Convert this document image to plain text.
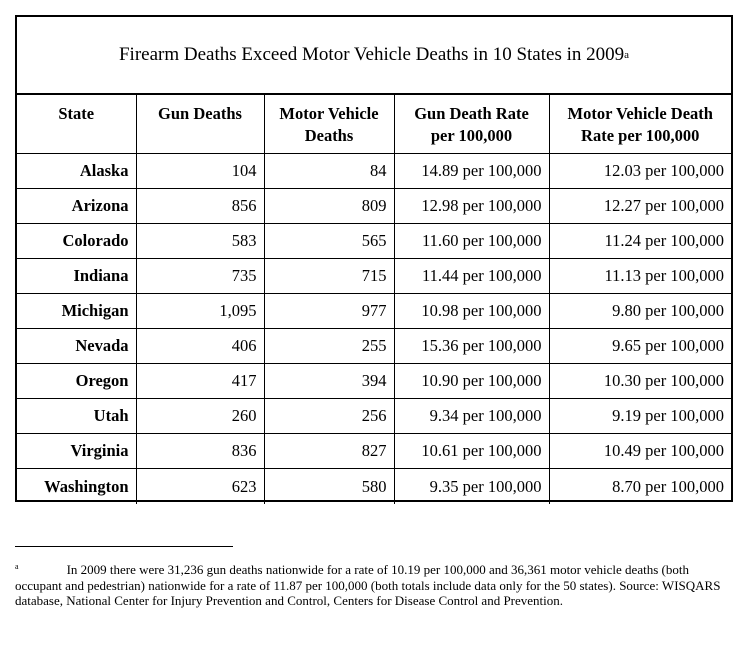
Firearm Deaths Exceed Motor Vehicle Deaths in 10 States in 2009 a
State	Gun Deaths	Motor Vehicle Deaths	Gun Death Rate per 100,000	Motor Vehicle Death Rate per 100,000
Alaska	104	84	14.89 per 100,000	12.03 per 100,000
Arizona	856	809	12.98 per 100,000	12.27 per 100,000
Colorado	583	565	11.60 per 100,000	11.24 per 100,000
Indiana	735	715	11.44 per 100,000	11.13 per 100,000
Michigan	1,095	977	10.98 per 100,000	9.80 per 100,000
Nevada	406	255	15.36 per 100,000	9.65 per 100,000
Oregon	417	394	10.90 per 100,000	10.30 per 100,000
Utah	260	256	9.34 per 100,000	9.19 per 100,000
Virginia	836	827	10.61 per 100,000	10.49 per 100,000
Washington	623	580	9.35 per 100,000	8.70 per 100,000
$^a$	In 2009 there were 31,236 gun deaths nationwide for a rate of 10.19 per 100,000 and 36,361 motor vehicle deaths (both occupant and pedestrian) nationwide for a rate of 11.87 per 100,000 (both totals include data only for the 50 states). Source: WISQARS database, National Center for Injury Prevention and Control, Centers for Disease Control and Prevention.
